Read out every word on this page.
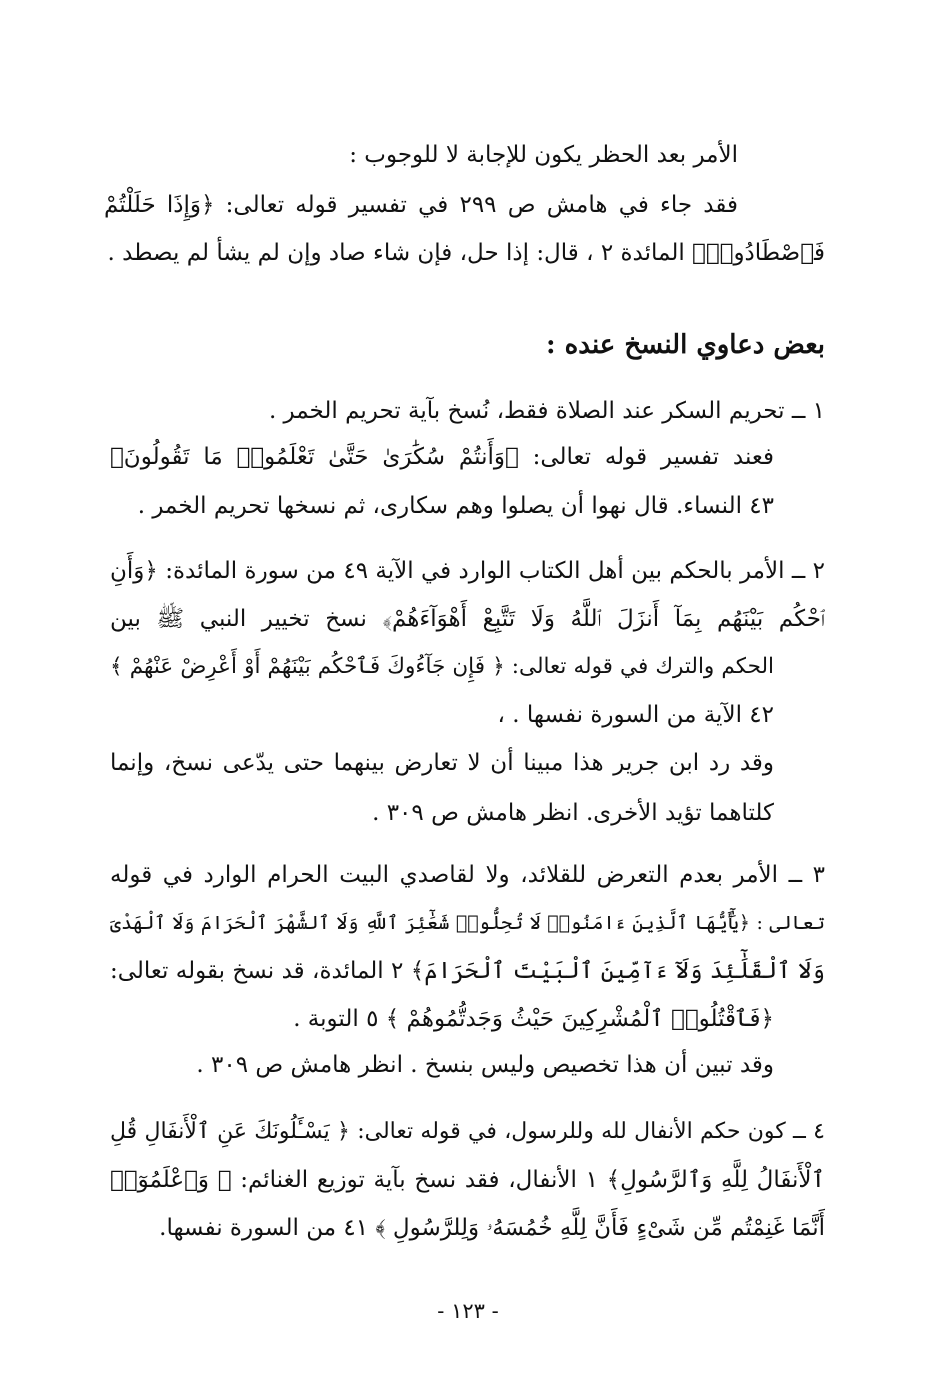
الأمر بعد الحظر يكون للإجابة لا للوجوب :
فقد جاء في هامش ص ٢٩٩ في تفسير قوله تعالى: ﴿وَإِذَا حَلَلْتُمْ
فَٱصْطَادُوا۟﴾ المائدة ٢ ، قال: إذا حل، فإن شاء صاد وإن لم يشأ لم يصطد .
بعض دعاوي النسخ عنده :
١ ــ تحريم السكر عند الصلاة فقط، نُسخ بآية تحريم الخمر .
فعند تفسير قوله تعالى: ﴿وَأَنتُمْ سُكَٰرَىٰ حَتَّىٰ تَعْلَمُوا۟ مَا تَقُولُونَ﴾
٤٣ النساء. قال نهوا أن يصلوا وهم سكارى، ثم نسخها تحريم الخمر .
٢ ــ الأمر بالحكم بين أهل الكتاب الوارد في الآية ٤٩ من سورة المائدة: ﴿وَأَنِ
ٱحْكُم بَيْنَهُم بِمَآ أَنزَلَ ٱللَّهُ وَلَا تَتَّبِعْ أَهْوَآءَهُمْ﴾ نسخ تخيير النبي ﷺ بين
الحكم والترك في قوله تعالى: ﴿ فَإِن جَآءُوكَ فَٱحْكُم بَيْنَهُمْ أَوْ أَعْرِضْ عَنْهُمْ ﴾
٤٢ الآية من السورة نفسها . ،
وقد رد ابن جرير هذا مبينا أن لا تعارض بينهما حتى يدّعى نسخ، وإنما
كلتاهما تؤيد الأخرى. انظر هامش ص ٣٠٩ .
٣ ــ الأمر بعدم التعرض للقلائد، ولا لقاصدي البيت الحرام الوارد في قوله
تعالى : ﴿يَٰٓأَيُّهَا ٱلَّذِينَ ءَامَنُوا۟ لَا تُحِلُّوا۟ شَعَٰٓئِرَ ٱللَّهِ وَلَا ٱلشَّهْرَ ٱلْحَرَامَ وَلَا ٱلْهَدْىَ
وَلَا ٱلْقَلَٰٓئِدَ وَلَآ ءَآمِّينَ ٱلْبَيْتَ ٱلْحَرَامَ﴾ ٢ المائدة، قد نسخ بقوله تعالى:
﴿فَٱقْتُلُوا۟ ٱلْمُشْرِكِينَ حَيْثُ وَجَدتُّمُوهُمْ ﴾ ٥ التوبة .
وقد تبين أن هذا تخصيص وليس بنسخ . انظر هامش ص ٣٠٩ .
٤ ــ كون حكم الأنفال لله وللرسول، في قوله تعالى: ﴿ يَسْـَٔلُونَكَ عَنِ ٱلْأَنفَالِ قُلِ
ٱلْأَنفَالُ لِلَّهِ وَٱلرَّسُولِ﴾ ١ الأنفال، فقد نسخ بآية توزيع الغنائم: ﴿ وَٱعْلَمُوٓا۟
أَنَّمَا غَنِمْتُم مِّن شَىْءٍ فَأَنَّ لِلَّهِ خُمُسَهُۥ وَلِلرَّسُولِ ﴾ ٤١ من السورة نفسها.
- ١٢٣ -
